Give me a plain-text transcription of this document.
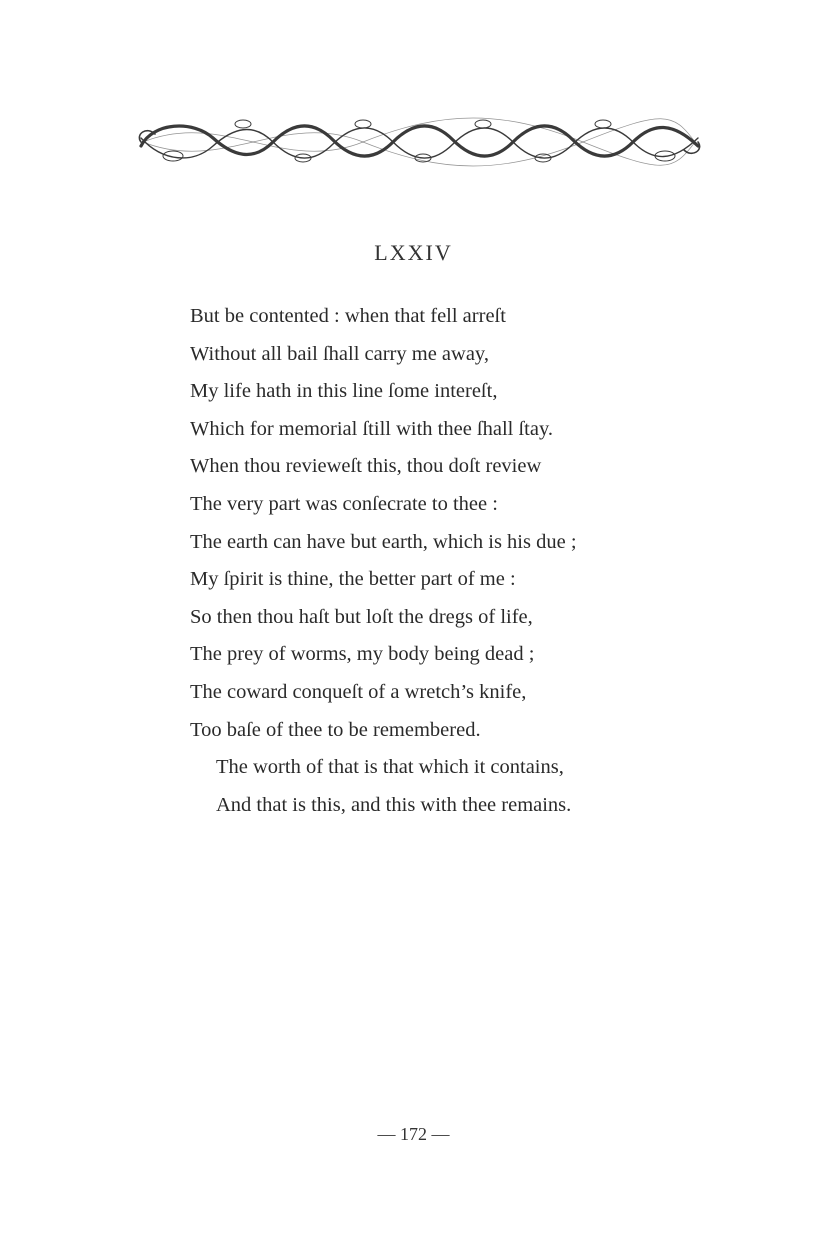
LXXIV
But be contented : when that fell arreſt
Without all bail ſhall carry me away,
My life hath in this line ſome intereſt,
Which for memorial ſtill with thee ſhall ſtay.
When thou revieweſt this, thou doſt review
The very part was conſecrate to thee :
The earth can have but earth, which is his due ;
My ſpirit is thine, the better part of me :
So then thou haſt but loſt the dregs of life,
The prey of worms, my body being dead ;
The coward conqueſt of a wretch’s knife,
Too baſe of thee to be remembered.
The worth of that is that which it contains,
And that is this, and this with thee remains.
— 172 —
